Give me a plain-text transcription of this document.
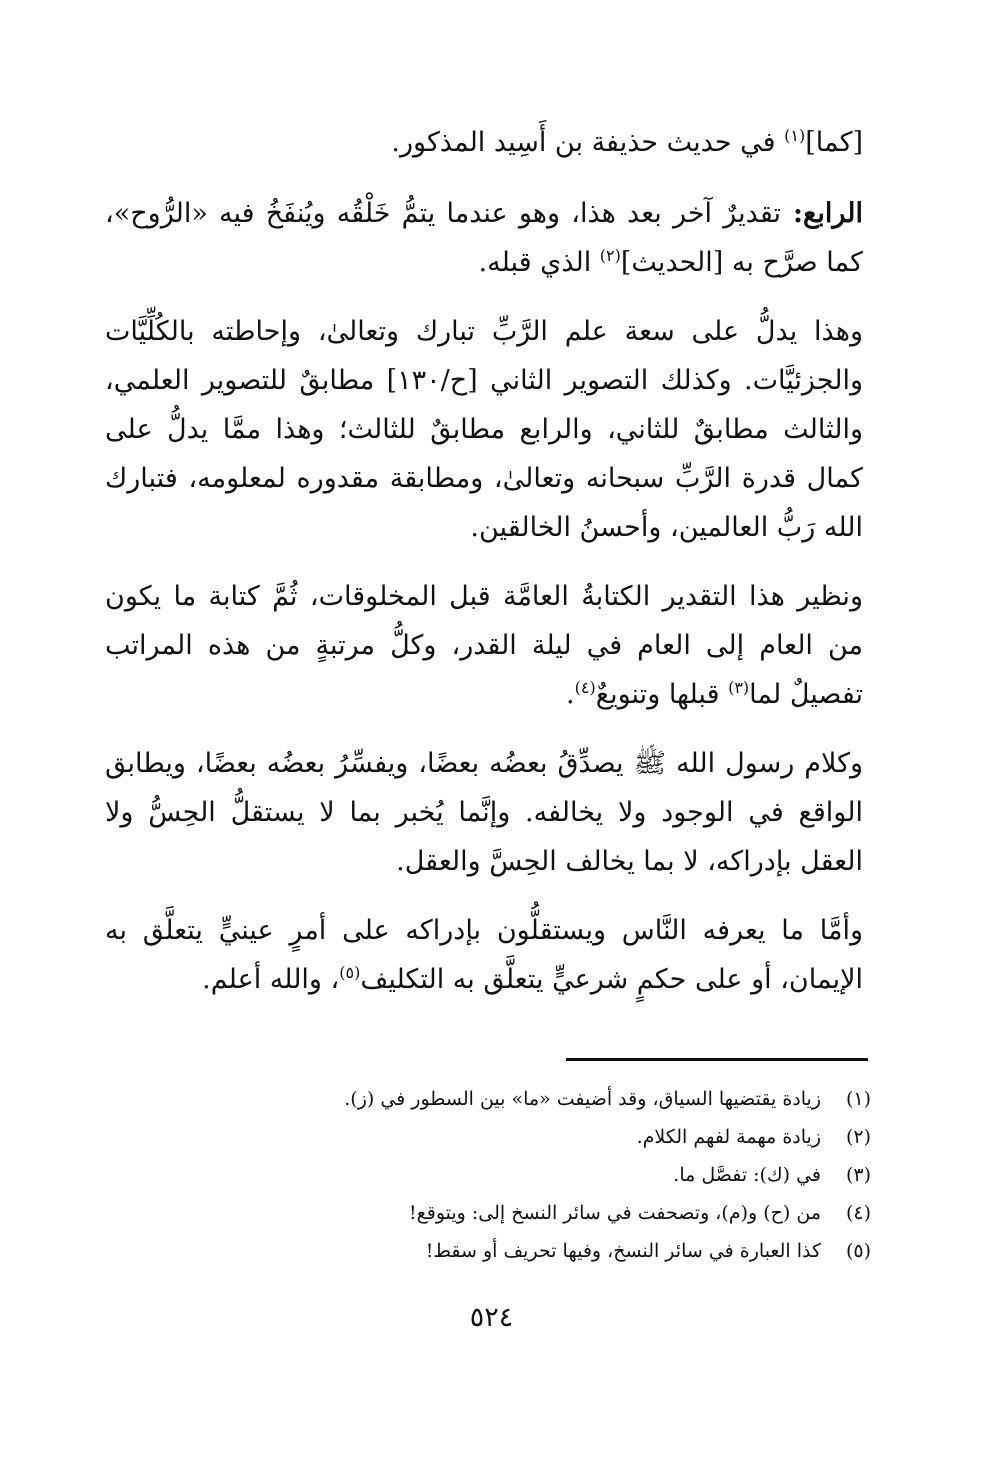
[كما]$^{(١)}$ في حديث حذيفة بن أَسِيد المذكور.

الرابع: تقديرٌ آخر بعد هذا، وهو عندما يتمُّ خَلْقُه ويُنفَخُ فيه «الرُّوح»، كما صرَّح به [الحديث]$^{(٢)}$ الذي قبله.

وهذا يدلُّ على سعة علم الرَّبِّ تبارك وتعالىٰ، وإحاطته بالكُلِّيَّات والجزئيَّات. وكذلك التصوير الثاني [ح/١٣٠] مطابقٌ للتصوير العلمي، والثالث مطابقٌ للثاني، والرابع مطابقٌ للثالث؛ وهذا ممَّا يدلُّ على كمال قدرة الرَّبِّ سبحانه وتعالىٰ، ومطابقة مقدوره لمعلومه، فتبارك الله رَبُّ العالمين، وأحسنُ الخالقين.

ونظير هذا التقدير الكتابةُ العامَّة قبل المخلوقات، ثُمَّ كتابة ما يكون من العام إلى العام في ليلة القدر، وكلُّ مرتبةٍ من هذه المراتب تفصيلٌ لما$^{(٣)}$ قبلها وتنويعٌ$^{(٤)}$.

وكلام رسول الله ﷺ يصدِّقُ بعضُه بعضًا، ويفسِّرُ بعضُه بعضًا، ويطابق الواقع في الوجود ولا يخالفه. وإنَّما يُخبر بما لا يستقلُّ الحِسُّ ولا العقل بإدراكه، لا بما يخالف الحِسَّ والعقل.

وأمَّا ما يعرفه النَّاس ويستقلُّون بإدراكه على أمرٍ عينيٍّ يتعلَّق به الإيمان، أو على حكمٍ شرعيٍّ يتعلَّق به التكليف$^{(٥)}$، والله أعلم.

(١)
زيادة يقتضيها السياق، وقد أضيفت «ما» بين السطور في (ز).
(٢)
زيادة مهمة لفهم الكلام.
(٣)
في (ك): تفصَّل ما.
(٤)
من (ح) و(م)، وتصحفت في سائر النسخ إلى: ويتوقع!
(٥)
كذا العبارة في سائر النسخ، وفيها تحريف أو سقط!
٥٢٤
